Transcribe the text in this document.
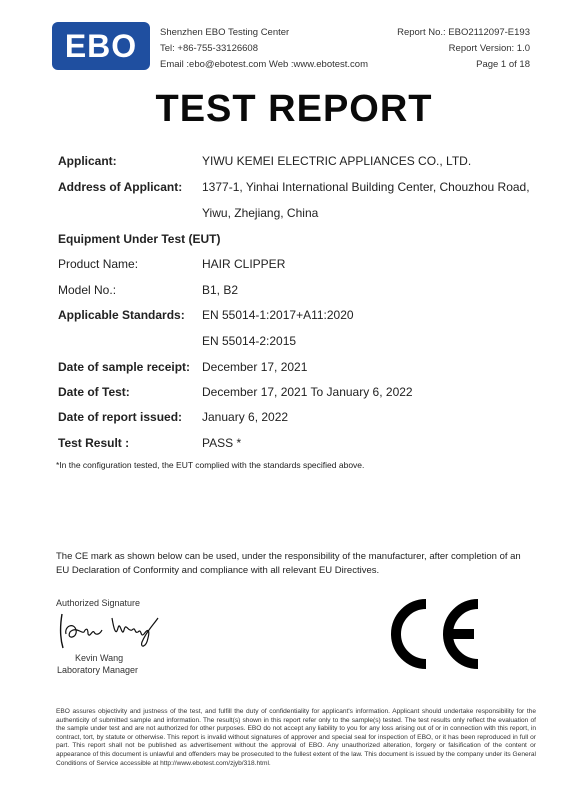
EBO	Shenzhen EBO Testing Center
Tel: +86-755-33126608
Email :ebo@ebotest.com Web :www.ebotest.com
Report No.: EBO2112097-E193
Report Version: 1.0
Page 1 of 18
TEST REPORT
Applicant:	YIWU KEMEI ELECTRIC APPLIANCES CO., LTD.
Address of Applicant: 1377-1, Yinhai International Building Center, Chouzhou Road,
Yiwu, Zhejiang, China
Equipment Under Test (EUT)
Product Name:	HAIR CLIPPER
Model No.:	B1, B2
Applicable Standards: EN 55014-1:2017+A11:2020
EN 55014-2:2015
Date of sample receipt: December 17, 2021
Date of Test:	December 17, 2021 To January 6, 2022
Date of report issued: January 6, 2022
Test Result :	PASS *
*In the configuration tested, the EUT complied with the standards specified above.
The CE mark as shown below can be used, under the responsibility of the manufacturer, after completion of an EU Declaration of Conformity and compliance with all relevant EU Directives.
Authorized Signature
Kevin Wang
Laboratory Manager
EBO assures objectivity and justness of the test, and fulfill the duty of confidentiality for applicant's information. Applicant should undertake responsibility for the authenticity of submitted sample and information. The result(s) shown in this report refer only to the sample(s) tested. The test results only reflect the evaluation of the sample under test and are not authorized for other purposes. EBO do not accept any liability to you for any loss arising out of or in connection with this report, in contract, tort, by statute or otherwise. This report is invalid without signatures of approver and special seal for inspection of EBO, or it has been reproduced in full or part. This report shall not be published as advertisement without the approval of EBO. Any unauthorized alteration, forgery or falsification of the content or appearance of this document is unlawful and offenders may be prosecuted to the fullest extent of the law. This document is issued by the company under its General Conditions of Service accessible at http://www.ebotest.com/zjyb/318.html.
